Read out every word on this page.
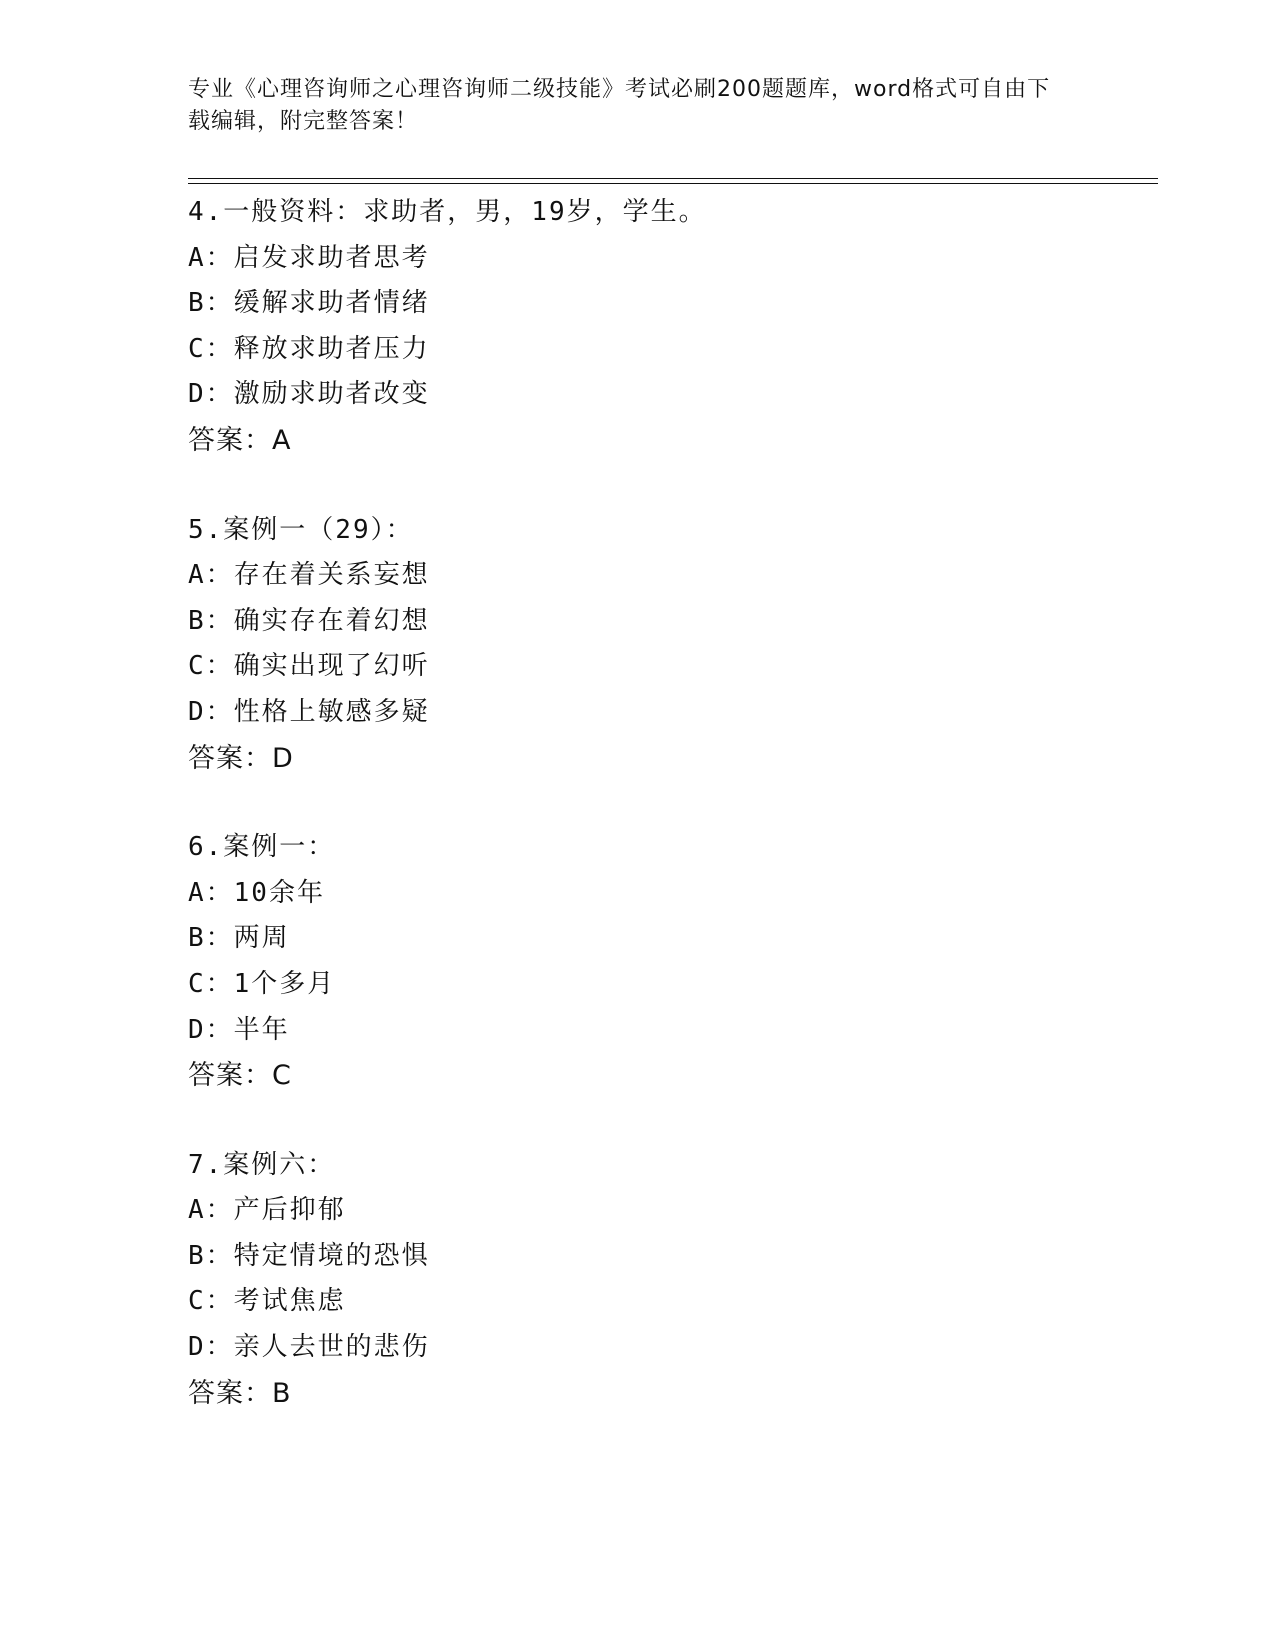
专业《心理咨询师之心理咨询师二级技能》考试必刷200题题库，word格式可自由下载编辑，附完整答案！
4.一般资料：求助者，男，19岁，学生。
A：启发求助者思考
B：缓解求助者情绪
C：释放求助者压力
D：激励求助者改变
答案：A
5.案例一（29）：
A：存在着关系妄想
B：确实存在着幻想
C：确实出现了幻听
D：性格上敏感多疑
答案：D
6.案例一：
A：10余年
B：两周
C：1个多月
D：半年
答案：C
7.案例六：
A：产后抑郁
B：特定情境的恐惧
C：考试焦虑
D：亲人去世的悲伤
答案：B
